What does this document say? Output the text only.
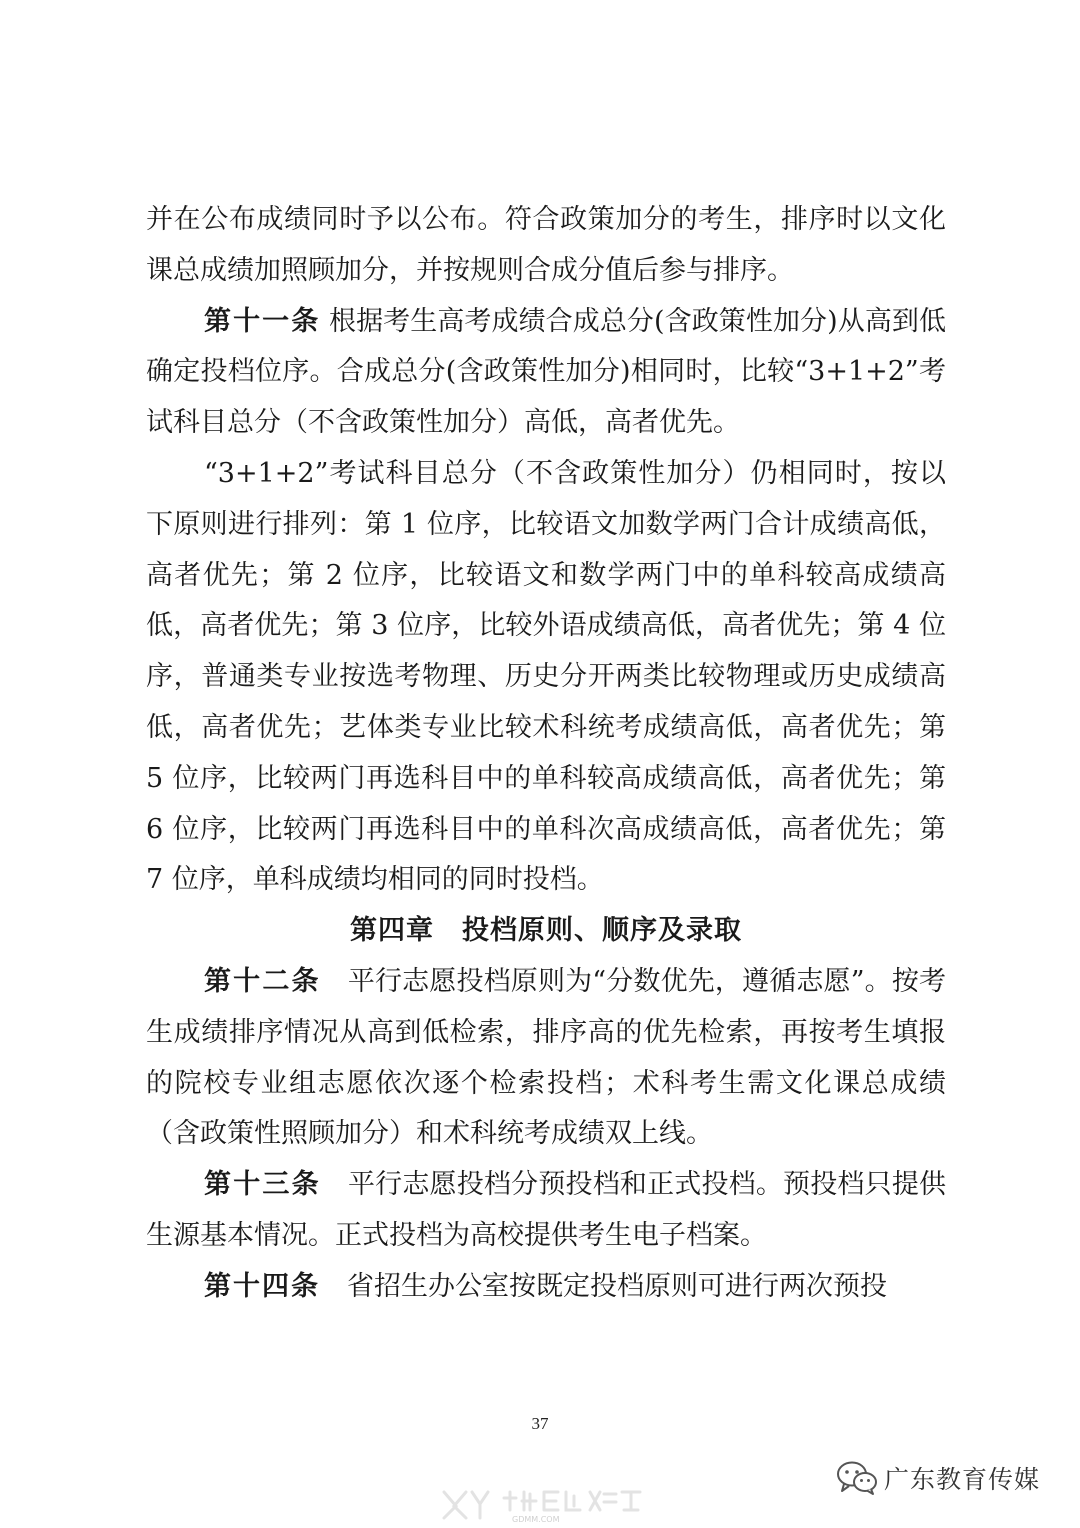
并在公布成绩同时予以公布。符合政策加分的考生，排序时以文化课总成绩加照顾加分，并按规则合成分值后参与排序。

第十一条 根据考生高考成绩合成总分(含政策性加分)从高到低确定投档位序。合成总分(含政策性加分)相同时，比较“3+1+2”考试科目总分（不含政策性加分）高低，高者优先。

“3+1+2”考试科目总分（不含政策性加分）仍相同时，按以下原则进行排列：第 1 位序，比较语文加数学两门合计成绩高低，高者优先；第 2 位序，比较语文和数学两门中的单科较高成绩高低，高者优先；第 3 位序，比较外语成绩高低，高者优先；第 4 位序，普通类专业按选考物理、历史分开两类比较物理或历史成绩高低，高者优先；艺体类专业比较术科统考成绩高低，高者优先；第 5 位序，比较两门再选科目中的单科较高成绩高低，高者优先；第 6 位序，比较两门再选科目中的单科次高成绩高低，高者优先；第 7 位序，单科成绩均相同的同时投档。

第四章　投档原则、顺序及录取

第十二条　平行志愿投档原则为“分数优先，遵循志愿”。按考生成绩排序情况从高到低检索，排序高的优先检索，再按考生填报的院校专业组志愿依次逐个检索投档；术科考生需文化课总成绩（含政策性照顾加分）和术科统考成绩双上线。

第十三条　平行志愿投档分预投档和正式投档。预投档只提供生源基本情况。正式投档为高校提供考生电子档案。

第十四条　省招生办公室按既定投档原则可进行两次预投

37
广东教育传媒
GDMM.COM
